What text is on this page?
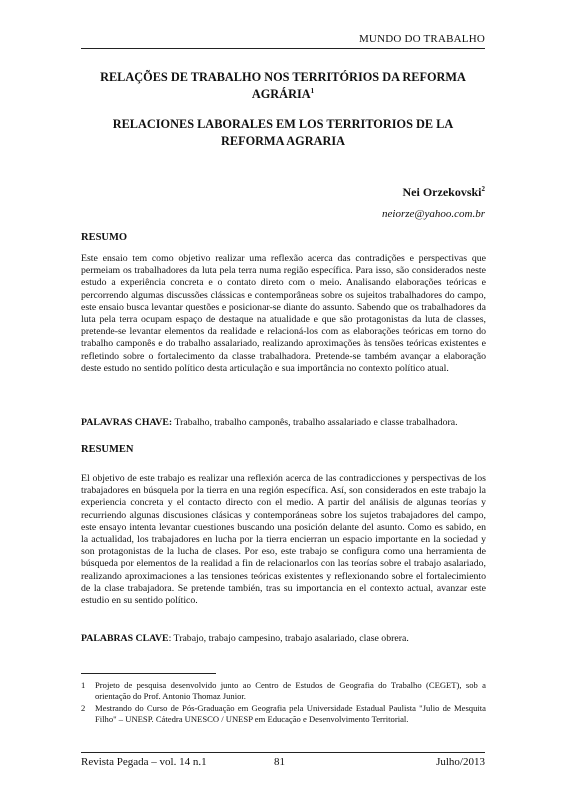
MUNDO DO TRABALHO
RELAÇÕES DE TRABALHO NOS TERRITÓRIOS DA REFORMA AGRÁRIA$^1$
RELACIONES LABORALES EM LOS TERRITORIOS DE LA REFORMA AGRARIA
Nei Orzekovski$^2$
neiorze@yahoo.com.br
RESUMO

Este ensaio tem como objetivo realizar uma reflexão acerca das contradições e perspectivas que permeiam os trabalhadores da luta pela terra numa região específica. Para isso, são considerados neste estudo a experiência concreta e o contato direto com o meio. Analisando elaborações teóricas e percorrendo algumas discussões clássicas e contemporâneas sobre os sujeitos trabalhadores do campo, este ensaio busca levantar questões e posicionar-se diante do assunto. Sabendo que os trabalhadores da luta pela terra ocupam espaço de destaque na atualidade e que são protagonistas da luta de classes, pretende-se levantar elementos da realidade e relacioná-los com as elaborações teóricas em torno do trabalho camponês e do trabalho assalariado, realizando aproximações às tensões teóricas existentes e refletindo sobre o fortalecimento da classe trabalhadora. Pretende-se também avançar a elaboração deste estudo no sentido político desta articulação e sua importância no contexto político atual.

PALAVRAS CHAVE: Trabalho, trabalho camponês, trabalho assalariado e classe trabalhadora.
RESUMEN

El objetivo de este trabajo es realizar una reflexión acerca de las contradicciones y perspectivas de los trabajadores en búsquela por la tierra en una región específica. Así, son considerados en este trabajo la experiencia concreta y el contacto directo con el medio. A partir del análisis de algunas teorías y recurriendo algunas discusiones clásicas y contemporáneas sobre los sujetos trabajadores del campo, este ensayo intenta levantar cuestiones buscando una posición delante del asunto. Como es sabido, en la actualidad, los trabajadores en lucha por la tierra encierran un espacio importante en la sociedad y son protagonistas de la lucha de clases. Por eso, este trabajo se configura como una herramienta de búsqueda por elementos de la realidad a fin de relacionarlos con las teorías sobre el trabajo asalariado, realizando aproximaciones a las tensiones teóricas existentes y reflexionando sobre el fortalecimiento de la clase trabajadora. Se pretende también, tras su importancia en el contexto actual, avanzar este estudio en su sentido político.

PALABRAS CLAVE: Trabajo, trabajo campesino, trabajo asalariado, clase obrera.
1	Projeto de pesquisa desenvolvido junto ao Centro de Estudos de Geografia do Trabalho (CEGET), sob a orientação do Prof. Antonio Thomaz Junior.
2	Mestrando do Curso de Pós-Graduação em Geografia pela Universidade Estadual Paulista "Julio de Mesquita Filho" – UNESP. Cátedra UNESCO / UNESP em Educação e Desenvolvimento Territorial.
Revista Pegada – vol. 14 n.1	81	Julho/2013
